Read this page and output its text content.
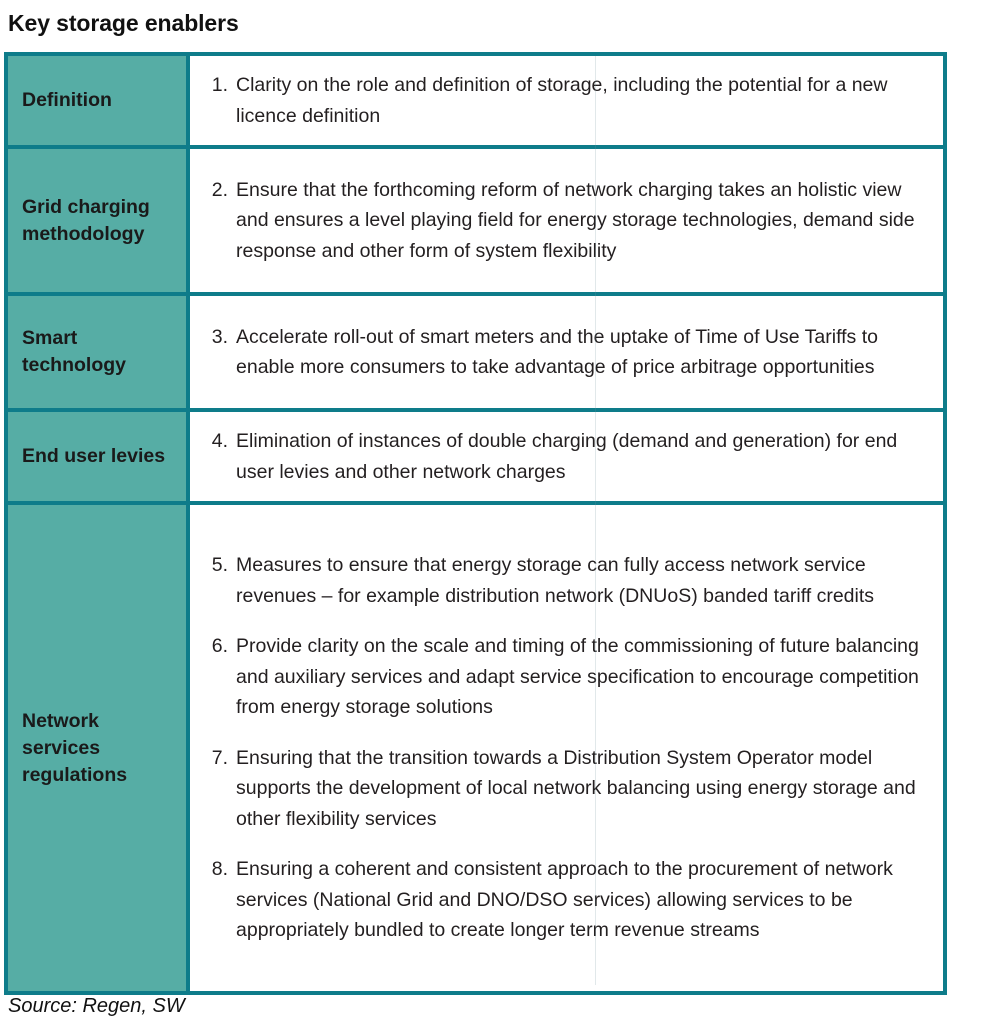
Key storage enablers
Definition
1. Clarity on the role and definition of storage, including the potential for a new licence definition
Grid charging methodology
2. Ensure that the forthcoming reform of network charging takes an holistic view and ensures a level playing field for energy storage technologies, demand side response and other form of system flexibility
Smart technology
3. Accelerate roll-out of smart meters and the uptake of Time of Use Tariffs to enable more consumers to take advantage of price arbitrage opportunities
End user levies
4. Elimination of instances of double charging (demand and generation) for end user levies and other network charges
Network services regulations
5. Measures to ensure that energy storage can fully access network service revenues – for example distribution network (DNUoS) banded tariff credits
6. Provide clarity on the scale and timing of the commissioning of future balancing and auxiliary services and adapt service specification to encourage competition from energy storage solutions
7. Ensuring that the transition towards a Distribution System Operator model  supports the development of local network balancing using energy storage and other flexibility services
8. Ensuring a coherent and consistent approach to the procurement of network services (National Grid and DNO/DSO services) allowing services to be appropriately bundled to create longer term revenue streams
Source: Regen, SW
